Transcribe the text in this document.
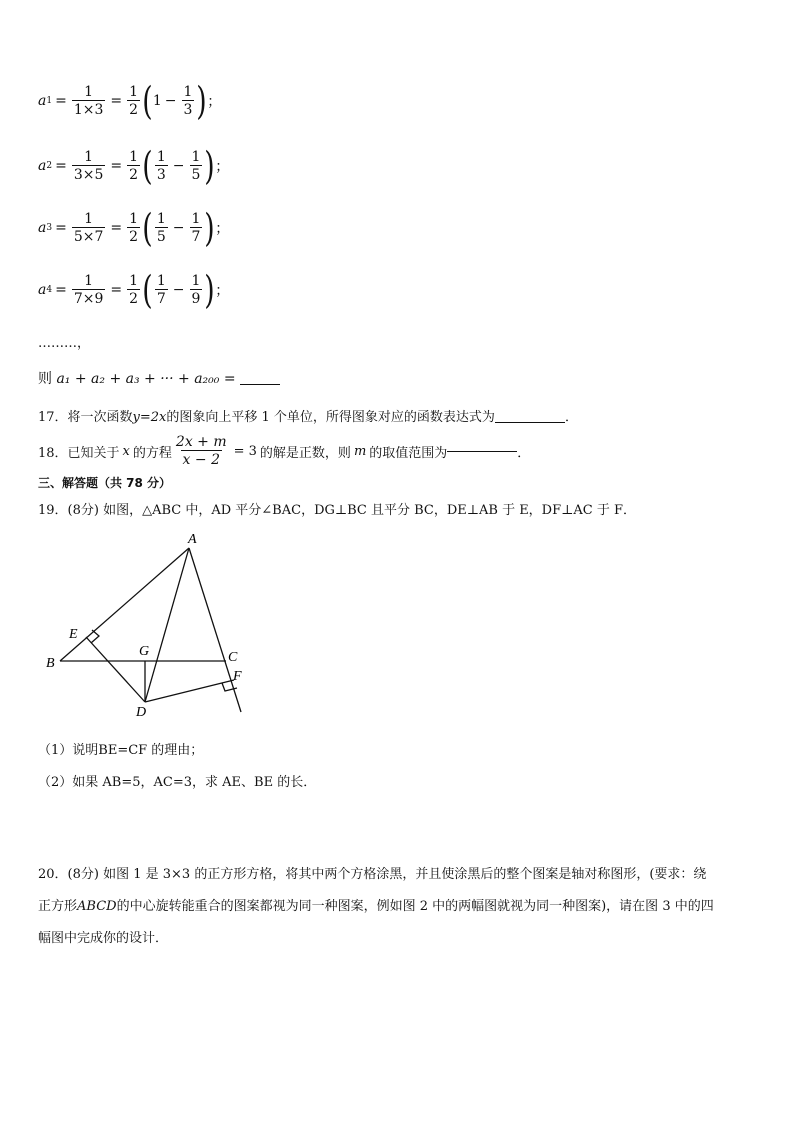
a $1 = \frac{1}{1\times 3} = \frac{1}{2}$ ( $1 - \frac{1}{3}$ ) ；
a $2 = \frac{1}{3\times 5} = \frac{1}{2}$ ( $\frac{1}{3} - \frac{1}{5}$ ) ；
a $3 = \frac{1}{5\times 7} = \frac{1}{2}$ ( $\frac{1}{5} - \frac{1}{7}$ ) ；
a $4 = \frac{1}{7\times 9} = \frac{1}{2}$ ( $\frac{1}{7} - \frac{1}{9}$ ) ；
………，
则 a₁ + a₂ + a₃ + ··· + a₂₀₀ =
17．将一次函数y=2x的图象向上平移 1 个单位，所得图象对应的函数表达式为	．
18．已知关于 x 的方程 $\frac{2x + m}{x - 2} = 3$ 的解是正数，则 m 的取值范围为	．
三、解答题（共 78 分）
19．(8分) 如图，△ABC 中，AD 平分∠BAC，DG⊥BC 且平分 BC，DE⊥AB 于 E，DF⊥AC 于 F．
A
B	C
D
E
F
G
（1）说明BE=CF 的理由；
（2）如果 AB=5，AC=3，求 AE、BE 的长．
20．(8分) 如图 1 是 3×3 的正方形方格，将其中两个方格涂黑，并且使涂黑后的整个图案是轴对称图形，(要求：绕
正方形ABCD的中心旋转能重合的图案都视为同一种图案，例如图 2 中的两幅图就视为同一种图案)，请在图 3 中的四
幅图中完成你的设计．
